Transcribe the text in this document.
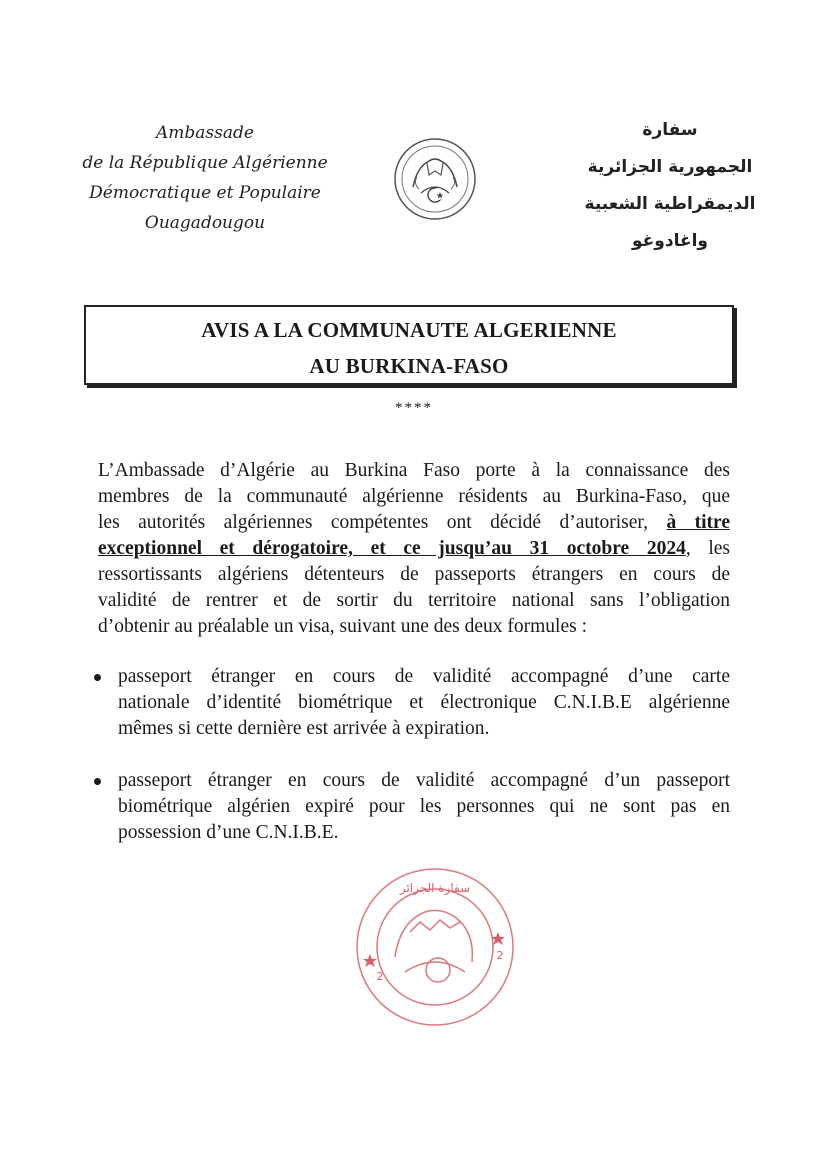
Ambassade
de la République Algérienne
Démocratique et Populaire
Ouagadougou
سفارة
الجمهورية الجزائرية
الديمقراطية الشعبية
واغادوغو
AVIS A LA COMMUNAUTE ALGERIENNE
AU BURKINA-FASO
****
L’Ambassade d’Algérie au Burkina Faso porte à la connaissance des
membres de la communauté algérienne résidents au Burkina-Faso, que
les autorités algériennes compétentes ont décidé d’autoriser, à titre
exceptionnel et dérogatoire, et ce jusqu’au 31 octobre 2024, les
ressortissants algériens détenteurs de passeports étrangers en cours de
validité de rentrer et de sortir du territoire national sans l’obligation
d’obtenir au préalable un visa, suivant une des deux formules :
passeport étranger en cours de validité accompagné d’une carte
nationale d’identité biométrique et électronique C.N.I.B.E algérienne
mêmes si cette dernière est arrivée à expiration.
passeport étranger en cours de validité accompagné d’un passeport
biométrique algérien expiré pour les personnes qui ne sont pas en
possession d’une C.N.I.B.E.
سفارة الجزائر
2
2
